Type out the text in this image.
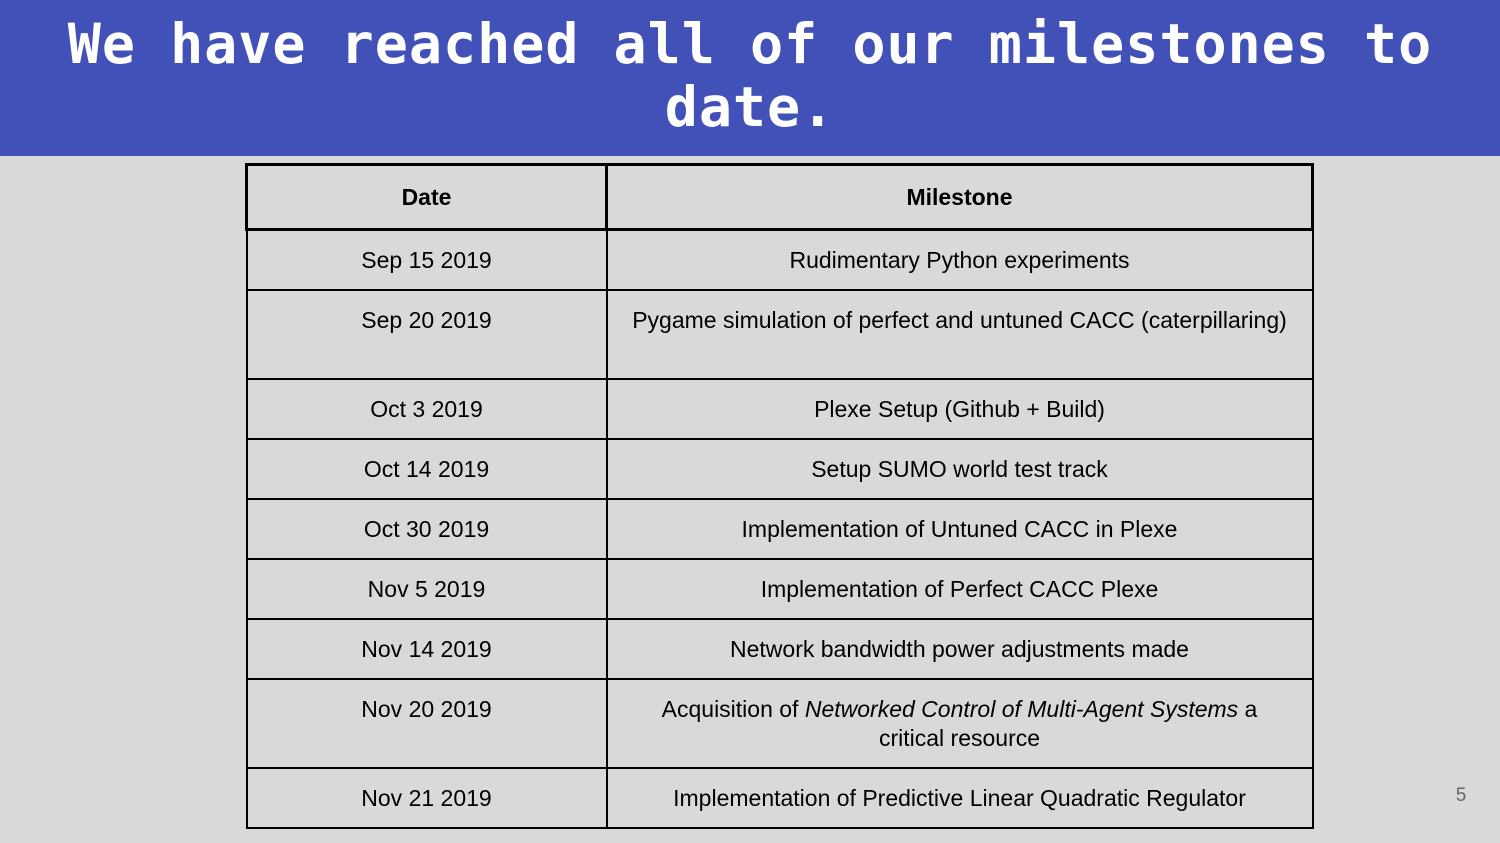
We have reached all of our milestones to date.
Date	Milestone
Sep 15 2019	Rudimentary Python experiments
Sep 20 2019	Pygame simulation of perfect and untuned CACC (caterpillaring)
Oct 3 2019	Plexe Setup (Github + Build)
Oct 14 2019	Setup SUMO world test track
Oct 30 2019	Implementation of Untuned CACC in Plexe
Nov 5 2019	Implementation of Perfect CACC Plexe
Nov 14 2019	Network bandwidth power adjustments made
Nov 20 2019	Acquisition of Networked Control of Multi-Agent Systems a critical resource
Nov 21 2019	Implementation of Predictive Linear Quadratic Regulator	5
